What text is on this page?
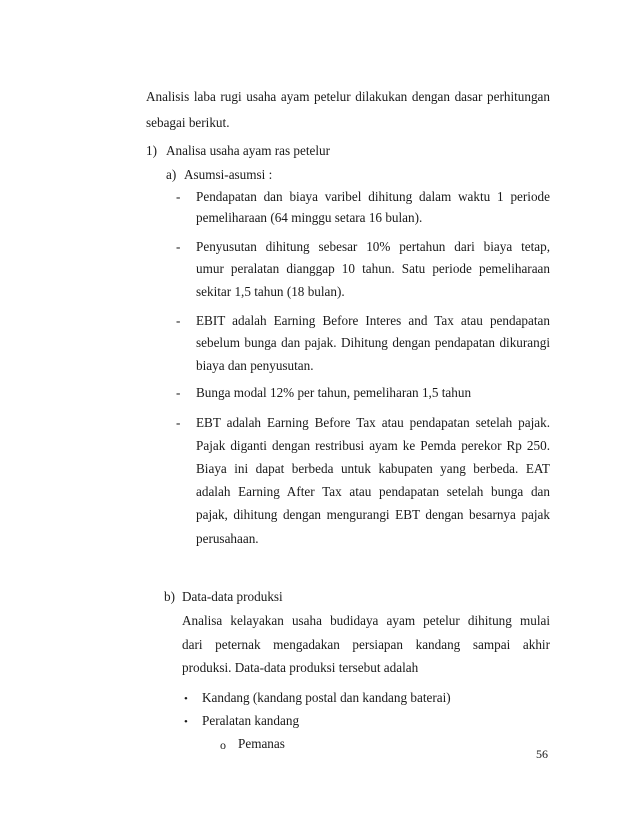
Analisis laba rugi usaha ayam petelur dilakukan dengan dasar perhitungan
sebagai berikut.
1) Analisa usaha ayam ras petelur
a) Asumsi-asumsi :
- Pendapatan dan biaya varibel dihitung dalam waktu 1 periode
pemeliharaan (64 minggu setara 16 bulan).
- Penyusutan dihitung sebesar 10% pertahun dari biaya tetap,
umur peralatan dianggap 10 tahun. Satu periode pemeliharaan
sekitar 1,5 tahun (18 bulan).
- EBIT adalah Earning Before Interes and Tax atau pendapatan
sebelum bunga dan pajak. Dihitung dengan pendapatan dikurangi
biaya dan penyusutan.
- Bunga modal 12% per tahun, pemeliharan 1,5 tahun
- EBT adalah Earning Before Tax atau pendapatan setelah pajak.
Pajak diganti dengan restribusi ayam ke Pemda perekor Rp 250.
Biaya ini dapat berbeda untuk kabupaten yang berbeda. EAT
adalah Earning After Tax atau pendapatan setelah bunga dan
pajak, dihitung dengan mengurangi EBT dengan besarnya pajak
perusahaan.
b) Data-data produksi
Analisa kelayakan usaha budidaya ayam petelur dihitung mulai
dari peternak mengadakan persiapan kandang sampai akhir
produksi. Data-data produksi tersebut adalah
• Kandang (kandang postal dan kandang baterai)
• Peralatan kandang
o Pemanas
56
